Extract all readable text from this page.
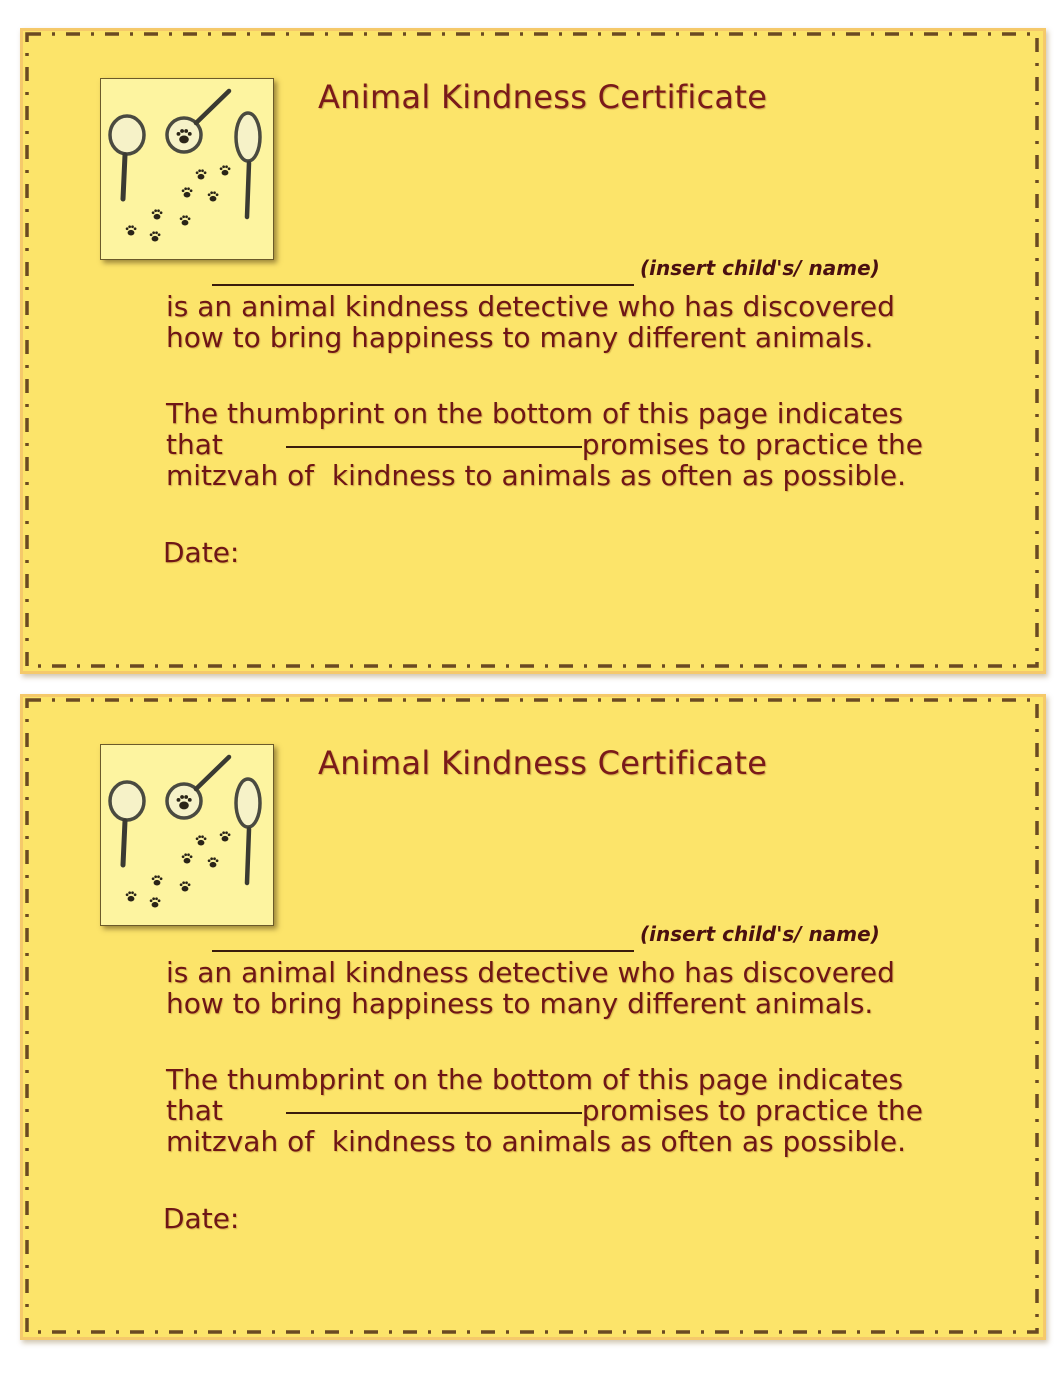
Animal Kindness Certificate
(insert child's/ name)

is an animal kindness detective who has discovered
how to bring happiness to many different animals.

The thumbprint on the bottom of this page indicates
that	promises to practice the
mitzvah of  kindness to animals as often as possible.

Date:

Animal Kindness Certificate
(insert child's/ name)

is an animal kindness detective who has discovered
how to bring happiness to many different animals.

The thumbprint on the bottom of this page indicates
that	promises to practice the
mitzvah of  kindness to animals as often as possible.

Date:
